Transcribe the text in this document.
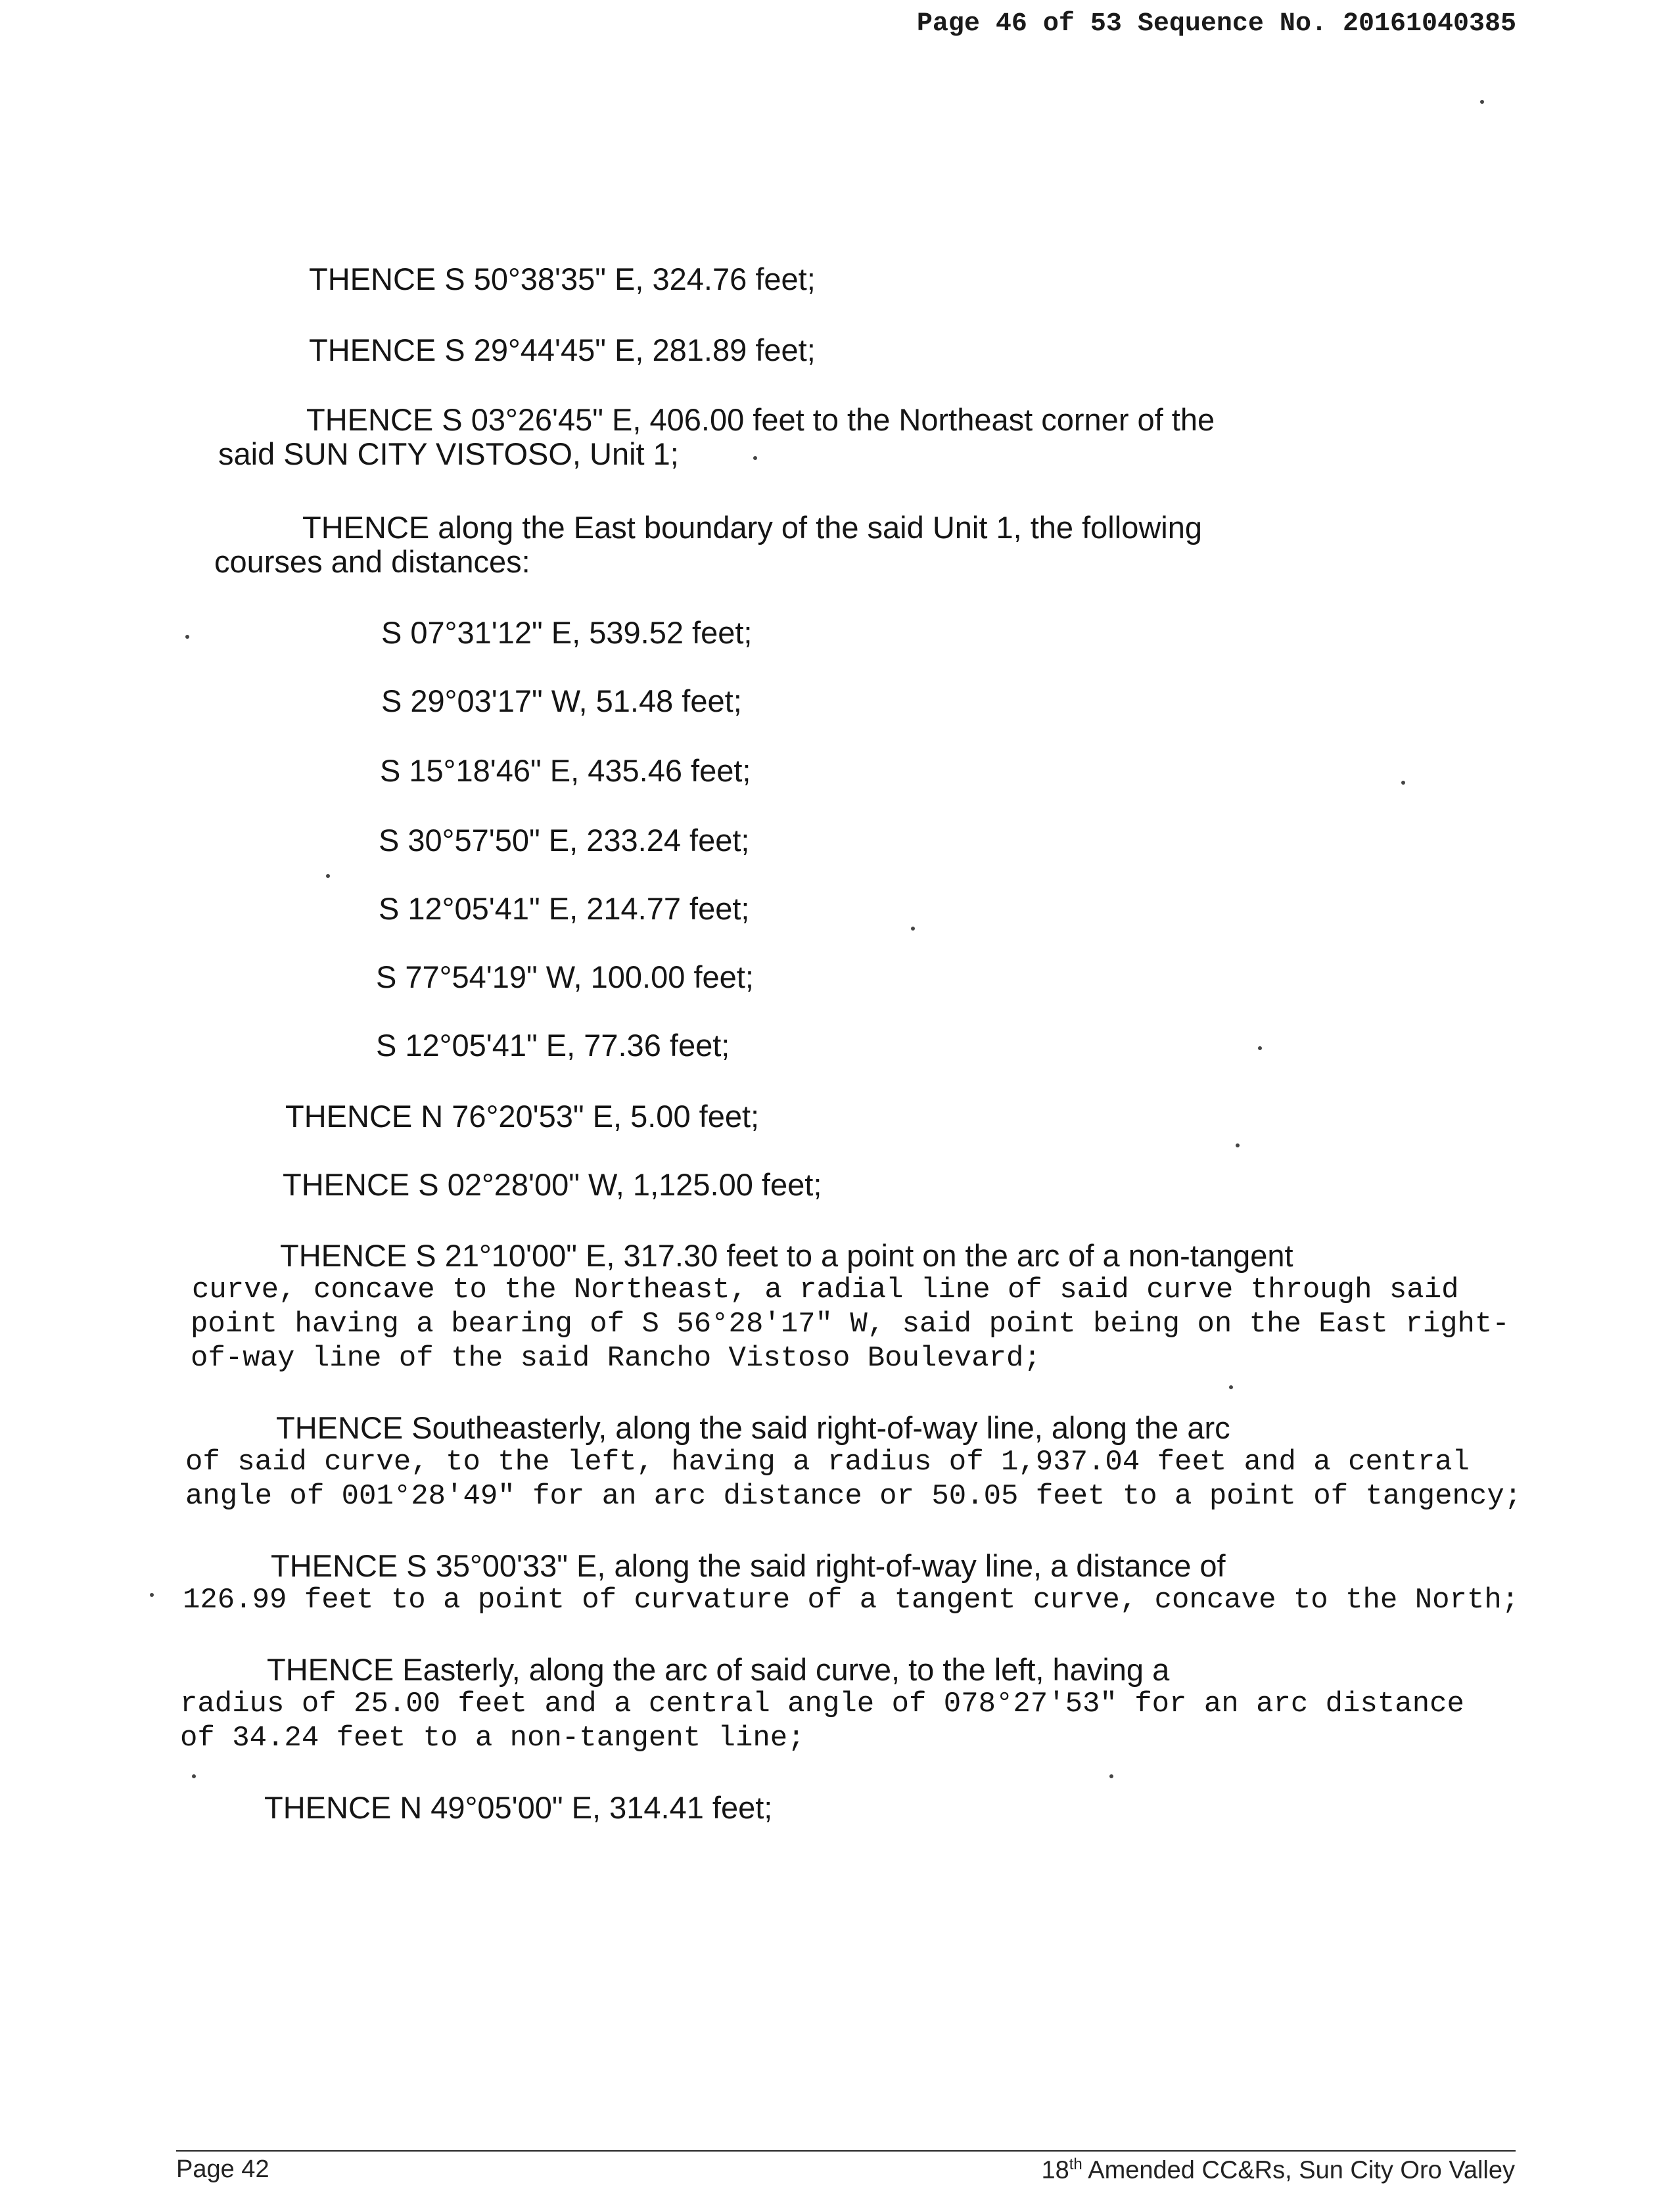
Page 46 of 53 Sequence No. 20161040385
THENCE S 50°38'35" E, 324.76 feet;
THENCE S 29°44'45" E, 281.89 feet;
THENCE S 03°26'45" E, 406.00 feet to the Northeast corner of the
said SUN CITY VISTOSO, Unit 1;
THENCE along the East boundary of the said Unit 1, the following
courses and distances:
S 07°31'12" E, 539.52 feet;
S 29°03'17" W, 51.48 feet;
S 15°18'46" E, 435.46 feet;
S 30°57'50" E, 233.24 feet;
S 12°05'41" E, 214.77 feet;
S 77°54'19" W, 100.00 feet;
S 12°05'41" E, 77.36 feet;
THENCE N 76°20'53" E, 5.00 feet;
THENCE S 02°28'00" W, 1,125.00 feet;
THENCE S 21°10'00" E, 317.30 feet to a point on the arc of a non-tangent
curve, concave to the Northeast, a radial line of said curve through said
point having a bearing of S 56°28'17" W, said point being on the East right-
of-way line of the said Rancho Vistoso Boulevard;
THENCE Southeasterly, along the said right-of-way line, along the arc
of said curve, to the left, having a radius of 1,937.04 feet and a central
angle of 001°28'49" for an arc distance or 50.05 feet to a point of tangency;
THENCE S 35°00'33" E, along the said right-of-way line, a distance of
126.99 feet to a point of curvature of a tangent curve, concave to the North;
THENCE Easterly, along the arc of said curve, to the left, having a
radius of 25.00 feet and a central angle of 078°27'53" for an arc distance
of 34.24 feet to a non-tangent line;
THENCE N 49°05'00" E, 314.41 feet;
Page 42	18th Amended CC&Rs, Sun City Oro Valley
